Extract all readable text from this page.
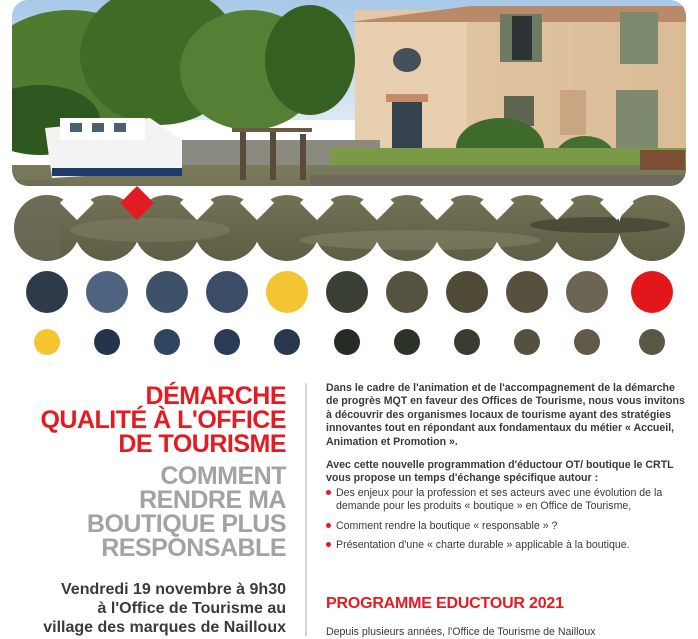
DÉMARCHE

QUALITÉ À L'OFFICE

DE TOURISME

COMMENT

RENDRE MA

BOUTIQUE PLUS

RESPONSABLE

Vendredi 19 novembre à 9h30

à l'Office de Tourisme au

village des marques de Nailloux

Dans le cadre de l'animation et de l'accompagnement de la démarche de progrès MQT en faveur des Offices de Tourisme, nous vous invitons à découvrir des organismes locaux de tourisme ayant des stratégies innovantes tout en répondant aux fondamentaux du métier « Accueil, Animation et Promotion ».

Avec cette nouvelle programmation d'éductour OT/ boutique le CRTL vous propose un temps d'échange spécifique autour :

Des enjeux pour la profession et ses acteurs avec une évolution de la demande pour les produits « boutique » en Office de Tourisme,
Comment rendre la boutique « responsable » ?
Présentation d'une « charte durable » applicable à la boutique.

PROGRAMME EDUCTOUR 2021

Depuis plusieurs années, l'Office de Tourisme de Nailloux
